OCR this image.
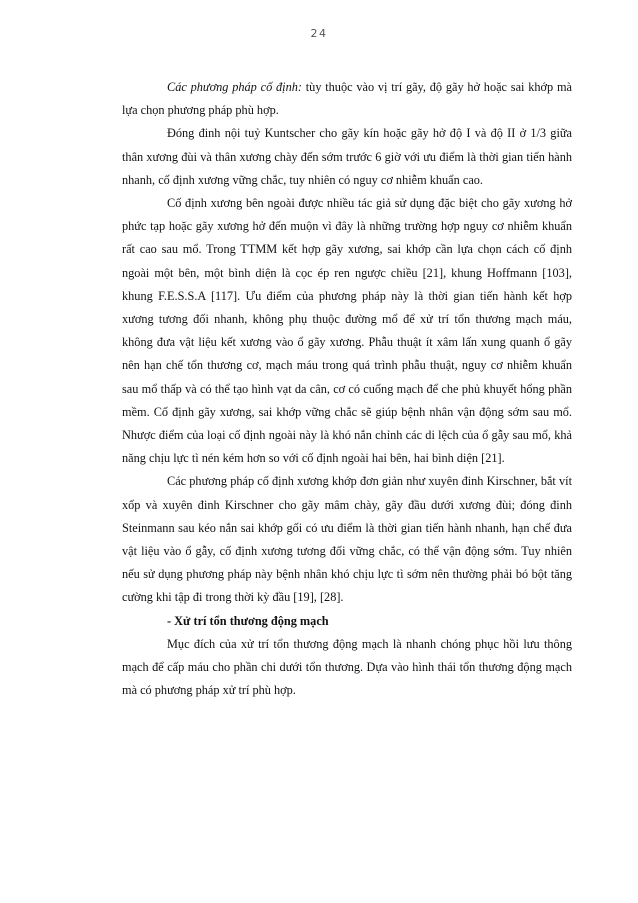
24

Các phương pháp cố định: tùy thuộc vào vị trí gãy, độ gãy hở hoặc sai khớp mà lựa chọn phương pháp phù hợp.

Đóng đinh nội tuỷ Kuntscher cho gãy kín hoặc gãy hở độ I và độ II ở 1/3 giữa thân xương đùi và thân xương chày đến sớm trước 6 giờ với ưu điểm là thời gian tiến hành nhanh, cố định xương vững chắc, tuy nhiên có nguy cơ nhiễm khuẩn cao.

Cố định xương bên ngoài được nhiều tác giả sử dụng đặc biệt cho gãy xương hở phức tạp hoặc gãy xương hở đến muộn vì đây là những trường hợp nguy cơ nhiễm khuẩn rất cao sau mổ. Trong TTMM kết hợp gãy xương, sai khớp cần lựa chọn cách cố định ngoài một bên, một bình diện là cọc ép ren ngược chiều [21], khung Hoffmann [103], khung F.E.S.S.A [117]. Ưu điểm của phương pháp này là thời gian tiến hành kết hợp xương tương đối nhanh, không phụ thuộc đường mổ để xử trí tổn thương mạch máu, không đưa vật liệu kết xương vào ổ gãy xương. Phẫu thuật ít xâm lấn xung quanh ổ gãy nên hạn chế tổn thương cơ, mạch máu trong quá trình phẫu thuật, nguy cơ nhiễm khuẩn sau mổ thấp và có thể tạo hình vạt da cân, cơ có cuống mạch để che phủ khuyết hổng phần mềm. Cố định gãy xương, sai khớp vững chắc sẽ giúp bệnh nhân vận động sớm sau mổ. Nhược điểm của loại cố định ngoài này là khó nắn chỉnh các di lệch của ổ gẫy sau mổ, khả năng chịu lực tì nén kém hơn so với cố định ngoài hai bên, hai bình diện [21].

Các phương pháp cố định xương khớp đơn giản như xuyên đinh Kirschner, bắt vít xốp và xuyên đinh Kirschner cho gãy mâm chày, gãy đầu dưới xương đùi; đóng đinh Steinmann sau kéo nắn sai khớp gối có ưu điểm là thời gian tiến hành nhanh, hạn chế đưa vật liệu vào ổ gẫy, cố định xương tương đối vững chắc, có thể vận động sớm. Tuy nhiên nếu sử dụng phương pháp này bệnh nhân khó chịu lực tì sớm nên thường phải bó bột tăng cường khi tập đi trong thời kỳ đầu [19], [28].

- Xử trí tổn thương động mạch

Mục đích của xử trí tổn thương động mạch là nhanh chóng phục hồi lưu thông mạch để cấp máu cho phần chi dưới tổn thương. Dựa vào hình thái tổn thương động mạch mà có phương pháp xử trí phù hợp.
